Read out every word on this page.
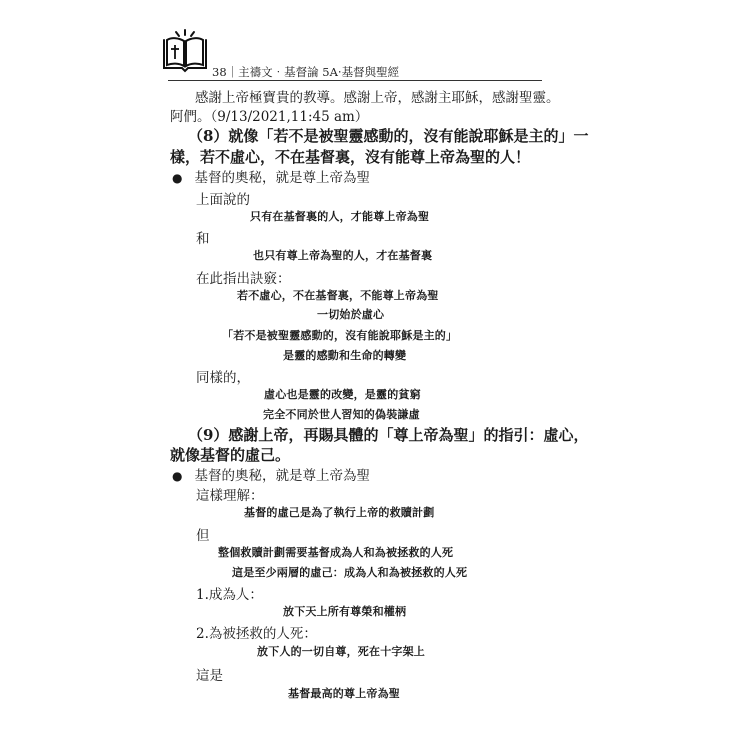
38｜主禱文‧基督論 5A‧基督與聖經
感謝上帝極寶貴的教導。感謝上帝，感謝主耶穌，感謝聖靈。
阿們。（9/13/2021,11:45 am）
（8）就像「若不是被聖靈感動的，沒有能說耶穌是主的」一
樣，若不虛心，不在基督裏，沒有能尊上帝為聖的人！
● 基督的奧秘，就是尊上帝為聖
上面說的
只有在基督裏的人，才能尊上帝為聖
和
也只有尊上帝為聖的人，才在基督裏
在此指出訣竅：
若不虛心，不在基督裏，不能尊上帝為聖
一切始於虛心
「若不是被聖靈感動的，沒有能說耶穌是主的」
是靈的感動和生命的轉變
同樣的，
虛心也是靈的改變，是靈的貧窮
完全不同於世人習知的偽裝謙虛
（9）感謝上帝，再賜具體的「尊上帝為聖」的指引：虛心，
就像基督的虛己。
● 基督的奧秘，就是尊上帝為聖
這樣理解：
基督的虛己是為了執行上帝的救贖計劃
但
整個救贖計劃需要基督成為人和為被拯救的人死
這是至少兩層的虛己：成為人和為被拯救的人死
1.成為人：
放下天上所有尊榮和權柄
2.為被拯救的人死：
放下人的一切自尊，死在十字架上
這是
基督最高的尊上帝為聖
